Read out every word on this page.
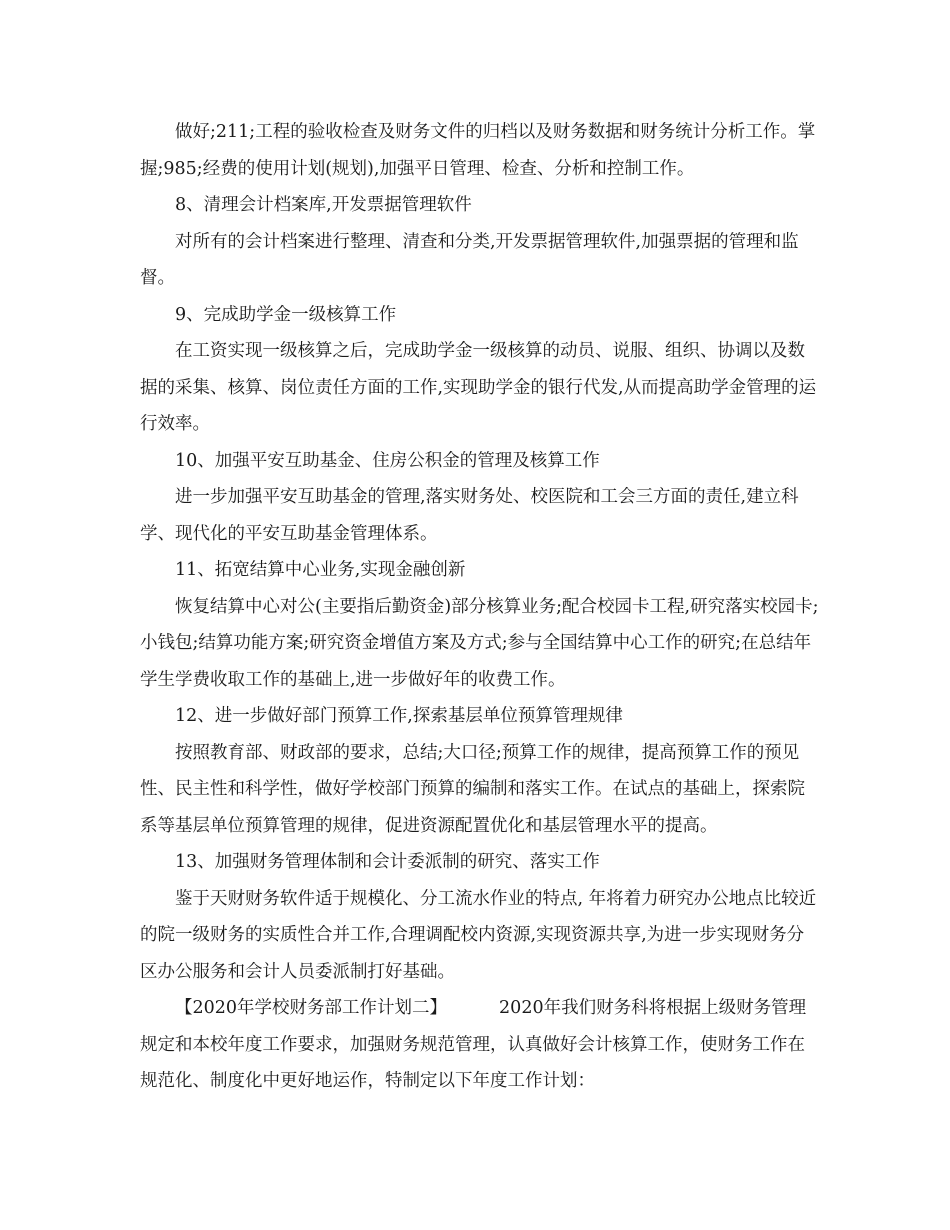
做好;211;工程的验收检查及财务文件的归档以及财务数据和财务统计分析工作。掌握;985;经费的使用计划(规划),加强平日管理、检查、分析和控制工作。

8、清理会计档案库,开发票据管理软件

对所有的会计档案进行整理、清查和分类,开发票据管理软件,加强票据的管理和监督。

9、完成助学金一级核算工作

在工资实现一级核算之后，完成助学金一级核算的动员、说服、组织、协调以及数据的采集、核算、岗位责任方面的工作,实现助学金的银行代发,从而提高助学金管理的运行效率。

10、加强平安互助基金、住房公积金的管理及核算工作

进一步加强平安互助基金的管理,落实财务处、校医院和工会三方面的责任,建立科学、现代化的平安互助基金管理体系。

11、拓宽结算中心业务,实现金融创新

恢复结算中心对公(主要指后勤资金)部分核算业务;配合校园卡工程,研究落实校园卡;小钱包;结算功能方案;研究资金增值方案及方式;参与全国结算中心工作的研究;在总结年学生学费收取工作的基础上,进一步做好年的收费工作。

12、进一步做好部门预算工作,探索基层单位预算管理规律

按照教育部、财政部的要求，总结;大口径;预算工作的规律，提高预算工作的预见性、民主性和科学性，做好学校部门预算的编制和落实工作。在试点的基础上，探索院系等基层单位预算管理的规律，促进资源配置优化和基层管理水平的提高。

13、加强财务管理体制和会计委派制的研究、落实工作

鉴于天财财务软件适于规模化、分工流水作业的特点, 年将着力研究办公地点比较近的院一级财务的实质性合并工作,合理调配校内资源,实现资源共享,为进一步实现财务分区办公服务和会计人员委派制打好基础。

【2020年学校财务部工作计划二】	2020年我们财务科将根据上级财务管理规定和本校年度工作要求，加强财务规范管理，认真做好会计核算工作，使财务工作在规范化、制度化中更好地运作，特制定以下年度工作计划：
